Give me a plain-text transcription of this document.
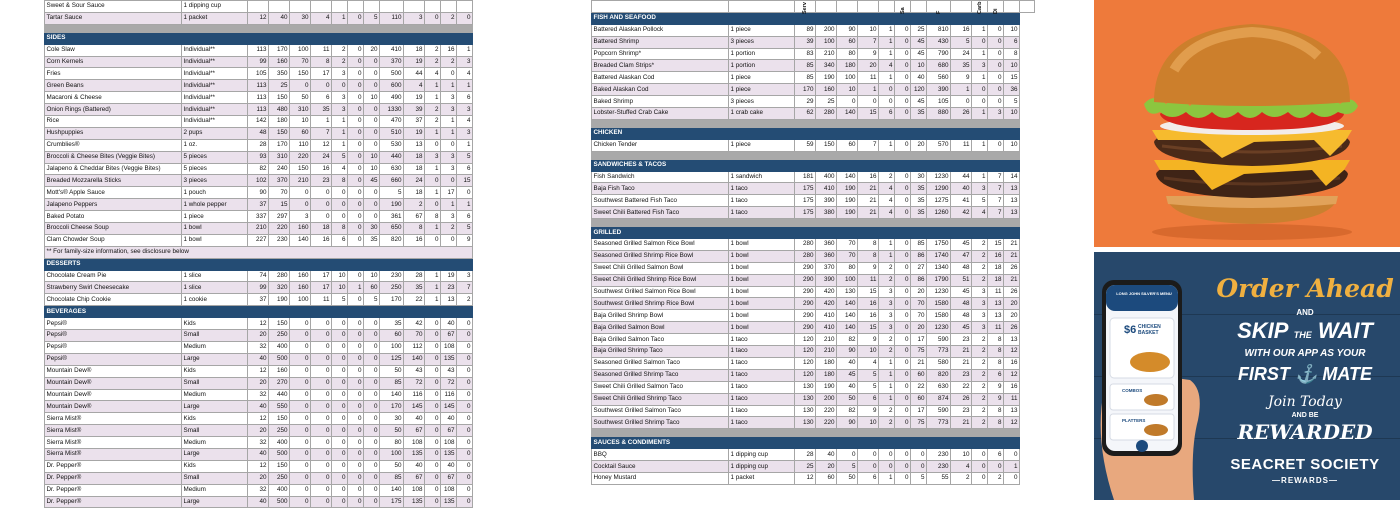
Sweet & Sour Sauce	1 dipping cup												
Tartar Sauce	1 packet	12	40	30	4	1	0	5	110	3	0	2	0

SIDES													
Cole Slaw	Individual**	113	170	100	11	2	0	20	410	18	2	16	1
Corn Kernels	Individual**	99	160	70	8	2	0	0	370	19	2	2	3
Fries	Individual**	105	350	150	17	3	0	0	500	44	4	0	4
Green Beans	Individual**	113	25	0	0	0	0	0	600	4	1	1	1
Macaroni & Cheese	Individual**	113	150	50	6	3	0	10	490	19	1	3	6
Onion Rings (Battered)	Individual**	113	480	310	35	3	0	0	1330	39	2	3	3
Rice	Individual**	142	180	10	1	1	0	0	470	37	2	1	4
Hushpuppies	2 pups	48	150	60	7	1	0	0	510	19	1	1	3
Crumblies®	1 oz.	28	170	110	12	1	0	0	530	13	0	0	1
Broccoli & Cheese Bites (Veggie Bites)	5 pieces	93	310	220	24	5	0	10	440	18	3	3	5
Jalapeno & Cheddar Bites (Veggie Bites)	5 pieces	82	240	150	16	4	0	10	630	18	1	3	6
Breaded Mozzarella Sticks	3 pieces	102	370	210	23	8	0	45	660	24	0	0	15
Mott's® Apple Sauce	1 pouch	90	70	0	0	0	0	0	5	18	1	17	0
Jalapeno Peppers	1 whole pepper	37	15	0	0	0	0	0	190	2	0	1	1
Baked Potato	1 piece	337	297	3	0	0	0	0	361	67	8	3	6
Broccoli Cheese Soup	1 bowl	210	220	160	18	8	0	30	650	8	1	2	5
Clam Chowder Soup	1 bowl	227	230	140	16	6	0	35	820	16	0	0	9
** For family-size information, see disclosure below													
DESSERTS													
Chocolate Cream Pie	1 slice	74	280	160	17	10	0	10	230	28	1	19	3
Strawberry Swirl Cheesecake	1 slice	99	320	160	17	10	1	60	250	35	1	23	7
Chocolate Chip Cookie	1 cookie	37	190	100	11	5	0	5	170	22	1	13	2
BEVERAGES													
Pepsi®	Kids	12	150	0	0	0	0	0	35	42	0	40	0
Pepsi®	Small	20	250	0	0	0	0	0	60	70	0	67	0
Pepsi®	Medium	32	400	0	0	0	0	0	100	112	0	108	0
Pepsi®	Large	40	500	0	0	0	0	0	125	140	0	135	0
Mountain Dew®	Kids	12	160	0	0	0	0	0	50	43	0	43	0
Mountain Dew®	Small	20	270	0	0	0	0	0	85	72	0	72	0
Mountain Dew®	Medium	32	440	0	0	0	0	0	140	116	0	116	0
Mountain Dew®	Large	40	550	0	0	0	0	0	170	145	0	145	0
Sierra Mist®	Kids	12	150	0	0	0	0	0	30	40	0	40	0
Sierra Mist®	Small	20	250	0	0	0	0	0	50	67	0	67	0
Sierra Mist®	Medium	32	400	0	0	0	0	0	80	108	0	108	0
Sierra Mist®	Large	40	500	0	0	0	0	0	100	135	0	135	0
Dr. Pepper®	Kids	12	150	0	0	0	0	0	50	40	0	40	0
Dr. Pepper®	Small	20	250	0	0	0	0	0	85	67	0	67	0
Dr. Pepper®	Medium	32	400	0	0	0	0	0	140	108	0	108	0
Dr. Pepper®	Large	40	500	0	0	0	0	0	175	135	0	135	0

		Serv					Sa		F		Carb	Di		

FISH AND SEAFOOD														
Battered Alaskan Pollock	1 piece	89	200	90	10	1	0	25	810	16	1	0	10	
Battered Shrimp	3 pieces	39	100	60	7	1	0	45	430	5	0	0	6	
Popcorn Shrimp*	1 portion	83	210	80	9	1	0	45	790	24	1	0	8	
Breaded Clam Strips*	1 portion	85	340	180	20	4	0	10	680	35	3	0	10	
Battered Alaskan Cod	1 piece	85	190	100	11	1	0	40	560	9	1	0	15	
Baked Alaskan Cod	1 piece	170	160	10	1	0	0	120	390	1	0	0	36	
Baked Shrimp	3 pieces	29	25	0	0	0	0	45	105	0	0	0	5	
Lobster-Stuffed Crab Cake	1 crab cake	62	280	140	15	6	0	35	880	26	1	3	10	

CHICKEN														
Chicken Tender	1 piece	59	150	60	7	1	0	20	570	11	1	0	10	

SANDWICHES & TACOS														
Fish Sandwich	1 sandwich	181	400	140	16	2	0	30	1230	44	1	7	14	
Baja Fish Taco	1 taco	175	410	190	21	4	0	35	1290	40	3	7	13	
Southwest Battered Fish Taco	1 taco	175	390	190	21	4	0	35	1275	41	5	7	13	
Sweet Chili Battered Fish Taco	1 taco	175	380	190	21	4	0	35	1260	42	4	7	13	

GRILLED														
Seasoned Grilled Salmon Rice Bowl	1 bowl	280	360	70	8	1	0	85	1750	45	2	15	21	
Seasoned Grilled Shrimp Rice Bowl	1 bowl	280	360	70	8	1	0	86	1740	47	2	16	21	
Sweet Chili Grilled Salmon Bowl	1 bowl	290	370	80	9	2	0	27	1340	48	2	18	26	
Sweet Chili Grilled Shrimp Rice Bowl	1 bowl	290	390	100	11	2	0	86	1790	51	2	18	21	
Southwest Grilled Salmon Rice Bowl	1 bowl	290	420	130	15	3	0	20	1230	45	3	11	26	
Southwest Grilled Shrimp Rice Bowl	1 bowl	290	420	140	16	3	0	70	1580	48	3	13	20	
Baja Grilled Shrimp Bowl	1 bowl	290	410	140	16	3	0	70	1580	48	3	13	20	
Baja Grilled Salmon Bowl	1 bowl	290	410	140	15	3	0	20	1230	45	3	11	26	
Baja Grilled Salmon Taco	1 taco	120	210	82	9	2	0	17	590	23	2	8	13	
Baja Grilled Shrimp Taco	1 taco	120	210	90	10	2	0	75	773	21	2	8	12	
Seasoned Grilled Salmon Taco	1 taco	120	180	40	4	1	0	21	580	21	2	8	16	
Seasoned Grilled Shrimp Taco	1 taco	120	180	45	5	1	0	60	820	23	2	6	12	
Sweet Chili Grilled Salmon Taco	1 taco	130	190	40	5	1	0	22	630	22	2	9	16	
Sweet Chili Grilled Shrimp Taco	1 taco	130	200	50	6	1	0	60	874	26	2	9	11	
Southwest Grilled Salmon Taco	1 taco	130	220	82	9	2	0	17	590	23	2	8	13	
Southwest Grilled Shrimp Taco	1 taco	130	220	90	10	2	0	75	773	21	2	8	12	

SAUCES & CONDIMENTS														
BBQ	1 dipping cup	28	40	0	0	0	0	0	230	10	0	6	0	
Cocktail Sauce	1 dipping cup	25	20	5	0	0	0	0	230	4	0	0	1	
Honey Mustard	1 packet	12	60	50	6	1	0	5	55	2	0	2	0	
LONG JOHN SILVER'S MENU
$6 CHICKEN BASKET
COMBOS
PLATTERS
Order Ahead
AND
SKIP THE WAIT
WITH OUR APP AS YOUR
FIRST ⚓ MATE
Join Today
AND BE
REWARDED
SEACRET SOCIETY
—REWARDS—
